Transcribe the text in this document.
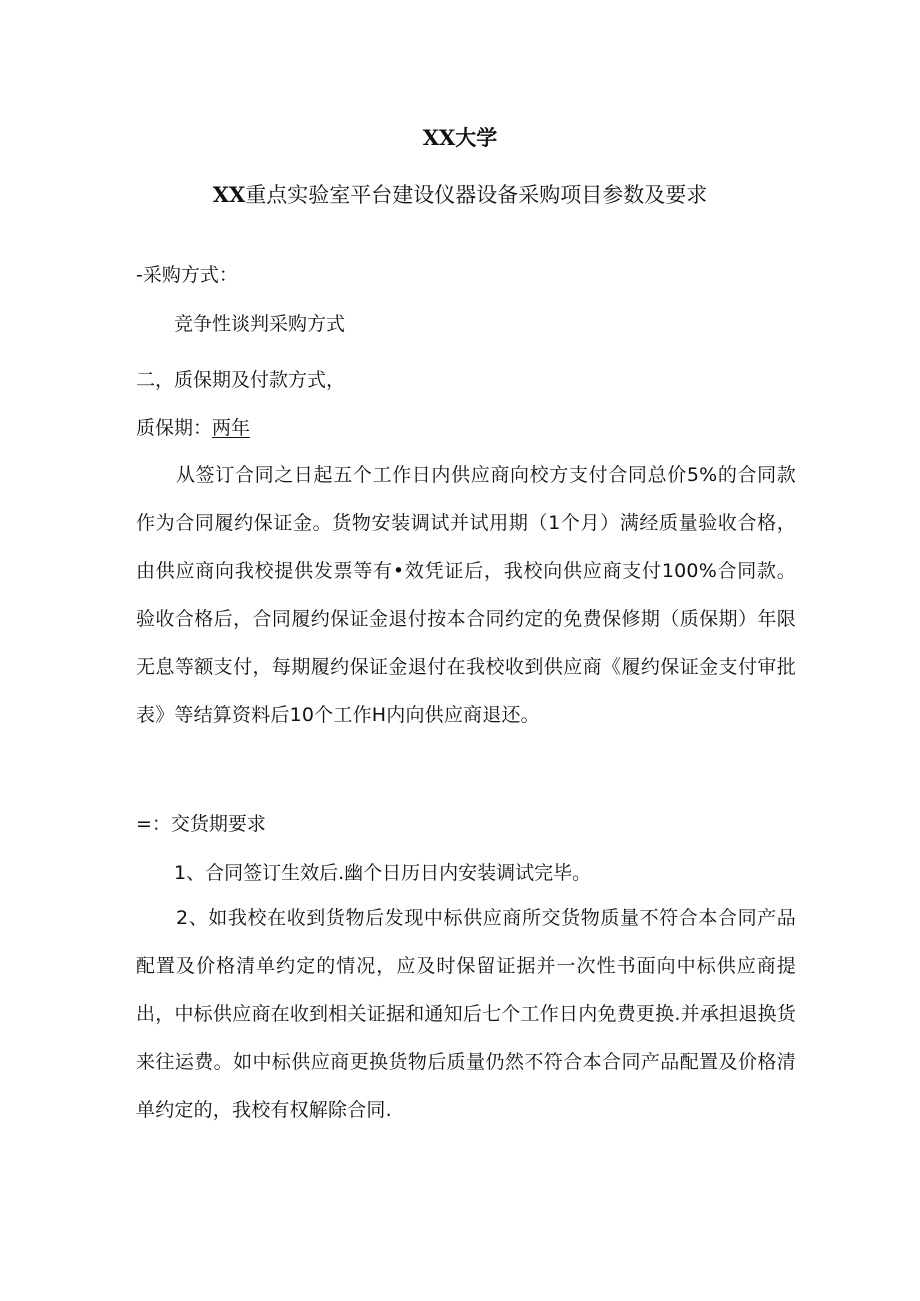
XX大学
XX重点实验室平台建设仪器设备采购项目参数及要求
-采购方式：
竞争性谈判采购方式
二，质保期及付款方式，
质保期：两年
从签订合同之日起五个工作日内供应商向校方支付合同总价5%的合同款作为合同履约保证金。货物安装调试并试用期（1个月）满经质量验收合格，由供应商向我校提供发票等有•效凭证后，我校向供应商支付100%合同款。验收合格后，合同履约保证金退付按本合同约定的免费保修期（质保期）年限无息等额支付，每期履约保证金退付在我校收到供应商《履约保证金支付审批表》等结算资料后10个工作H内向供应商退还。
=：交货期要求
1、合同签订生效后.幽个日历日内安装调试完毕。
2、如我校在收到货物后发现中标供应商所交货物质量不符合本合同产品配置及价格清单约定的情况，应及时保留证据并一次性书面向中标供应商提出，中标供应商在收到相关证据和通知后七个工作日内免费更换.并承担退换货来往运费。如中标供应商更换货物后质量仍然不符合本合同产品配置及价格清单约定的，我校有权解除合同.
